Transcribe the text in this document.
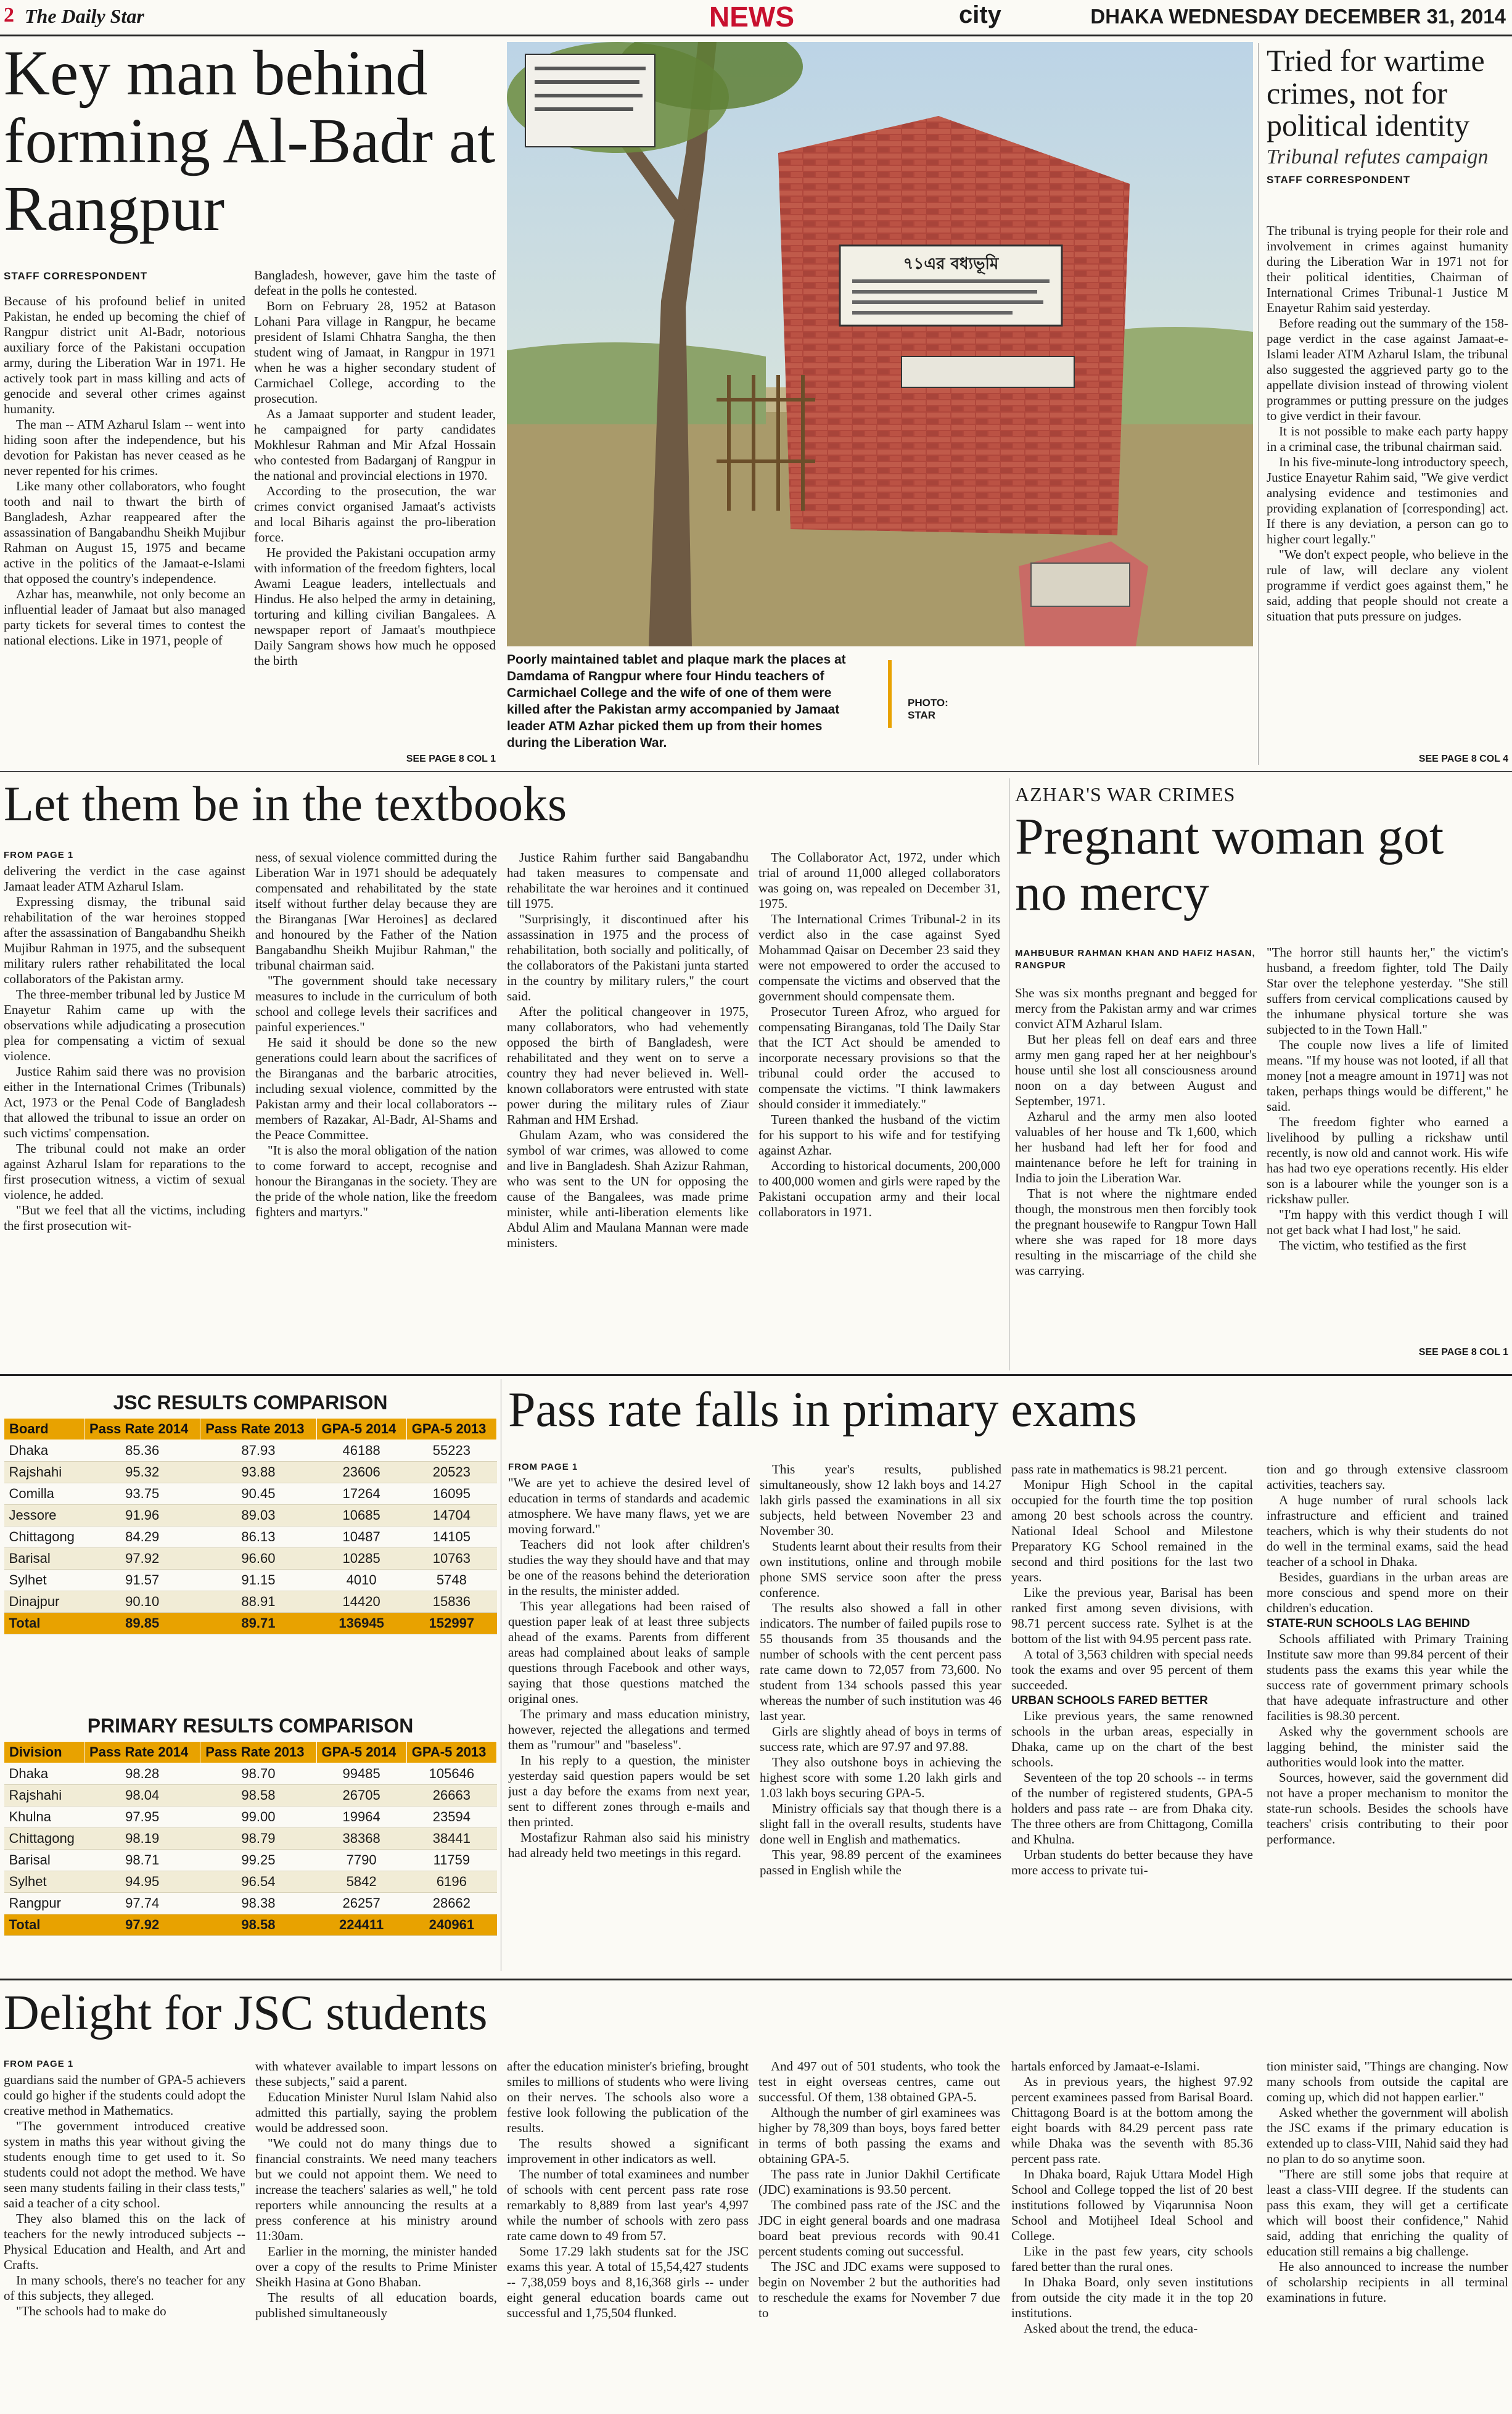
2 The Daily Star	NEWS	city	DHAKA WEDNESDAY DECEMBER 31, 2014
Key man behind forming Al-Badr at Rangpur
STAFF CORRESPONDENT

Because of his profound belief in united Pakistan, he ended up becoming the chief of Rangpur district unit Al-Badr, notorious auxiliary force of the Pakistani occupation army, during the Liberation War in 1971. He actively took part in mass killing and acts of genocide and several other crimes against humanity.

The man -- ATM Azharul Islam -- went into hiding soon after the independence, but his devotion for Pakistan has never ceased as he never repented for his crimes.

Like many other collaborators, who fought tooth and nail to thwart the birth of Bangladesh, Azhar reappeared after the assassination of Bangabandhu Sheikh Mujibur Rahman on August 15, 1975 and became active in the politics of the Jamaat-e-Islami that opposed the country's independence.

Azhar has, meanwhile, not only become an influential leader of Jamaat but also managed party tickets for several times to contest the national elections. Like in 1971, people of

Bangladesh, however, gave him the taste of defeat in the polls he contested.

Born on February 28, 1952 at Batason Lohani Para village in Rangpur, he became president of Islami Chhatra Sangha, the then student wing of Jamaat, in Rangpur in 1971 when he was a higher secondary student of Carmichael College, according to the prosecution.

As a Jamaat supporter and student leader, he campaigned for party candidates Mokhlesur Rahman and Mir Afzal Hossain who contested from Badarganj of Rangpur in the national and provincial elections in 1970.

According to the prosecution, the war crimes convict organised Jamaat's activists and local Biharis against the pro-liberation force.

He provided the Pakistani occupation army with information of the freedom fighters, local Awami League leaders, intellectuals and Hindus. He also helped the army in detaining, torturing and killing civilian Bangalees. A newspaper report of Jamaat's mouthpiece Daily Sangram shows how much he opposed the birth

SEE PAGE 8 COL 1
৭১এর বধ্যভূমি
Poorly maintained tablet and plaque mark the places at Damdama of Rangpur where four Hindu teachers of Carmichael College and the wife of one of them were killed after the Pakistan army accompanied by Jamaat leader ATM Azhar picked them up from their homes during the Liberation War.
PHOTO: STAR
Tried for wartime crimes, not for political identity
Tribunal refutes campaign
STAFF CORRESPONDENT

The tribunal is trying people for their role and involvement in crimes against humanity during the Liberation War in 1971 not for their political identities, Chairman of International Crimes Tribunal-1 Justice M Enayetur Rahim said yesterday.

Before reading out the summary of the 158-page verdict in the case against Jamaat-e-Islami leader ATM Azharul Islam, the tribunal also suggested the aggrieved party go to the appellate division instead of throwing violent programmes or putting pressure on the judges to give verdict in their favour.

It is not possible to make each party happy in a criminal case, the tribunal chairman said.

In his five-minute-long introductory speech, Justice Enayetur Rahim said, "We give verdict analysing evidence and testimonies and providing explanation of [corresponding] act. If there is any deviation, a person can go to higher court legally."

"We don't expect people, who believe in the rule of law, will declare any violent programme if verdict goes against them," he said, adding that people should not create a situation that puts pressure on judges.

SEE PAGE 8 COL 4
Let them be in the textbooks
FROM PAGE 1

delivering the verdict in the case against Jamaat leader ATM Azharul Islam.

Expressing dismay, the tribunal said rehabilitation of the war heroines stopped after the assassination of Bangabandhu Sheikh Mujibur Rahman in 1975, and the subsequent military rulers rather rehabilitated the local collaborators of the Pakistan army.

The three-member tribunal led by Justice M Enayetur Rahim came up with the observations while adjudicating a prosecution plea for compensating a victim of sexual violence.

Justice Rahim said there was no provision either in the International Crimes (Tribunals) Act, 1973 or the Penal Code of Bangladesh that allowed the tribunal to issue an order on such victims' compensation.

The tribunal could not make an order against Azharul Islam for reparations to the first prosecution witness, a victim of sexual violence, he added.

"But we feel that all the victims, including the first prosecution wit-

ness, of sexual violence committed during the Liberation War in 1971 should be adequately compensated and rehabilitated by the state itself without further delay because they are the Biranganas [War Heroines] as declared and honoured by the Father of the Nation Bangabandhu Sheikh Mujibur Rahman," the tribunal chairman said.

"The government should take necessary measures to include in the curriculum of both school and college levels their sacrifices and painful experiences."

He said it should be done so the new generations could learn about the sacrifices of the Biranganas and the barbaric atrocities, including sexual violence, committed by the Pakistan army and their local collaborators -- members of Razakar, Al-Badr, Al-Shams and the Peace Committee.

"It is also the moral obligation of the nation to come forward to accept, recognise and honour the Biranganas in the society. They are the pride of the whole nation, like the freedom fighters and martyrs."

Justice Rahim further said Bangabandhu had taken measures to compensate and rehabilitate the war heroines and it continued till 1975.

"Surprisingly, it discontinued after his assassination in 1975 and the process of rehabilitation, both socially and politically, of the collaborators of the Pakistani junta started in the country by military rulers," the court said.

After the political changeover in 1975, many collaborators, who had vehemently opposed the birth of Bangladesh, were rehabilitated and they went on to serve a country they had never believed in. Well-known collaborators were entrusted with state power during the military rules of Ziaur Rahman and HM Ershad.

Ghulam Azam, who was considered the symbol of war crimes, was allowed to come and live in Bangladesh. Shah Azizur Rahman, who was sent to the UN for opposing the cause of the Bangalees, was made prime minister, while anti-liberation elements like Abdul Alim and Maulana Mannan were made ministers.

The Collaborator Act, 1972, under which trial of around 11,000 alleged collaborators was going on, was repealed on December 31, 1975.

The International Crimes Tribunal-2 in its verdict also in the case against Syed Mohammad Qaisar on December 23 said they were not empowered to order the accused to compensate the victims and observed that the government should compensate them.

Prosecutor Tureen Afroz, who argued for compensating Biranganas, told The Daily Star that the ICT Act should be amended to incorporate necessary provisions so that the tribunal could order the accused to compensate the victims. "I think lawmakers should consider it immediately."

Tureen thanked the husband of the victim for his support to his wife and for testifying against Azhar.

According to historical documents, 200,000 to 400,000 women and girls were raped by the Pakistani occupation army and their local collaborators in 1971.

AZHAR'S WAR CRIMES
Pregnant woman got no mercy
MAHBUBUR RAHMAN KHAN AND HAFIZ HASAN, RANGPUR

She was six months pregnant and begged for mercy from the Pakistan army and war crimes convict ATM Azharul Islam.

But her pleas fell on deaf ears and three army men gang raped her at her neighbour's house until she lost all consciousness around noon on a day between August and September, 1971.

Azharul and the army men also looted valuables of her house and Tk 1,600, which her husband had left her for food and maintenance before he left for training in India to join the Liberation War.

That is not where the nightmare ended though, the monstrous men then forcibly took the pregnant housewife to Rangpur Town Hall where she was raped for 18 more days resulting in the miscarriage of the child she was carrying.

"The horror still haunts her," the victim's husband, a freedom fighter, told The Daily Star over the telephone yesterday. "She still suffers from cervical complications caused by the inhumane physical torture she was subjected to in the Town Hall."

The couple now lives a life of limited means. "If my house was not looted, if all that money [not a meagre amount in 1971] was not taken, perhaps things would be different," he said.

The freedom fighter who earned a livelihood by pulling a rickshaw until recently, is now old and cannot work. His wife has had two eye operations recently. His elder son is a labourer while the younger son is a rickshaw puller.

"I'm happy with this verdict though I will not get back what I had lost," he said.

The victim, who testified as the first

SEE PAGE 8 COL 1
JSC RESULTS COMPARISON
Board	Pass Rate 2014	Pass Rate 2013	GPA-5 2014	GPA-5 2013
Dhaka	85.36	87.93	46188	55223
Rajshahi	95.32	93.88	23606	20523
Comilla	93.75	90.45	17264	16095
Jessore	91.96	89.03	10685	14704
Chittagong	84.29	86.13	10487	14105
Barisal	97.92	96.60	10285	10763
Sylhet	91.57	91.15	4010	5748
Dinajpur	90.10	88.91	14420	15836
Total	89.85	89.71	136945	152997
PRIMARY RESULTS COMPARISON
Division	Pass Rate 2014	Pass Rate 2013	GPA-5 2014	GPA-5 2013
Dhaka	98.28	98.70	99485	105646
Rajshahi	98.04	98.58	26705	26663
Khulna	97.95	99.00	19964	23594
Chittagong	98.19	98.79	38368	38441
Barisal	98.71	99.25	7790	11759
Sylhet	94.95	96.54	5842	6196
Rangpur	97.74	98.38	26257	28662
Total	97.92	98.58	224411	240961
Pass rate falls in primary exams
FROM PAGE 1

"We are yet to achieve the desired level of education in terms of standards and academic atmosphere. We have many flaws, yet we are moving forward."

Teachers did not look after children's studies the way they should have and that may be one of the reasons behind the deterioration in the results, the minister added.

This year allegations had been raised of question paper leak of at least three subjects ahead of the exams. Parents from different areas had complained about leaks of sample questions through Facebook and other ways, saying that those questions matched the original ones.

The primary and mass education ministry, however, rejected the allegations and termed them as "rumour" and "baseless".

In his reply to a question, the minister yesterday said question papers would be set just a day before the exams from next year, sent to different zones through e-mails and then printed.

Mostafizur Rahman also said his ministry had already held two meetings in this regard.

This year's results, published simultaneously, show 12 lakh boys and 14.27 lakh girls passed the examinations in all six subjects, held between November 23 and November 30.

Students learnt about their results from their own institutions, online and through mobile phone SMS service soon after the press conference.

The results also showed a fall in other indicators. The number of failed pupils rose to 55 thousands from 35 thousands and the number of schools with the cent percent pass rate came down to 72,057 from 73,600. No student from 134 schools passed this year whereas the number of such institution was 46 last year.

Girls are slightly ahead of boys in terms of success rate, which are 97.97 and 97.88.

They also outshone boys in achieving the highest score with some 1.20 lakh girls and 1.03 lakh boys securing GPA-5.

Ministry officials say that though there is a slight fall in the overall results, students have done well in English and mathematics.

This year, 98.89 percent of the examinees passed in English while the

pass rate in mathematics is 98.21 percent.

Monipur High School in the capital occupied for the fourth time the top position among 20 best schools across the country. National Ideal School and Milestone Preparatory KG School remained in the second and third positions for the last two years.

Like the previous year, Barisal has been ranked first among seven divisions, with 98.71 percent success rate. Sylhet is at the bottom of the list with 94.95 percent pass rate.

A total of 3,563 children with special needs took the exams and over 95 percent of them succeeded.

URBAN SCHOOLS FARED BETTER

Like previous years, the same renowned schools in the urban areas, especially in Dhaka, came up on the chart of the best schools.

Seventeen of the top 20 schools -- in terms of the number of registered students, GPA-5 holders and pass rate -- are from Dhaka city. The three others are from Chittagong, Comilla and Khulna.

Urban students do better because they have more access to private tui-

tion and go through extensive classroom activities, teachers say.

A huge number of rural schools lack infrastructure and efficient and trained teachers, which is why their students do not do well in the terminal exams, said the head teacher of a school in Dhaka.

Besides, guardians in the urban areas are more conscious and spend more on their children's education.

STATE-RUN SCHOOLS LAG BEHIND

Schools affiliated with Primary Training Institute saw more than 99.84 percent of their students pass the exams this year while the success rate of government primary schools that have adequate infrastructure and other facilities is 98.30 percent.

Asked why the government schools are lagging behind, the minister said the authorities would look into the matter.

Sources, however, said the government did not have a proper mechanism to monitor the state-run schools. Besides the schools have teachers' crisis contributing to their poor performance.

Delight for JSC students
FROM PAGE 1

guardians said the number of GPA-5 achievers could go higher if the students could adopt the creative method in Mathematics.

"The government introduced creative system in maths this year without giving the students enough time to get used to it. So students could not adopt the method. We have seen many students failing in their class tests," said a teacher of a city school.

They also blamed this on the lack of teachers for the newly introduced subjects -- Physical Education and Health, and Art and Crafts.

In many schools, there's no teacher for any of this subjects, they alleged.

"The schools had to make do

with whatever available to impart lessons on these subjects," said a parent.

Education Minister Nurul Islam Nahid also admitted this partially, saying the problem would be addressed soon.

"We could not do many things due to financial constraints. We need many teachers but we could not appoint them. We need to increase the teachers' salaries as well," he told reporters while announcing the results at a press conference at his ministry around 11:30am.

Earlier in the morning, the minister handed over a copy of the results to Prime Minister Sheikh Hasina at Gono Bhaban.

The results of all education boards, published simultaneously

after the education minister's briefing, brought smiles to millions of students who were living on their nerves. The schools also wore a festive look following the publication of the results.

The results showed a significant improvement in other indicators as well.

The number of total examinees and number of schools with cent percent pass rate rose remarkably to 8,889 from last year's 4,997 while the number of schools with zero pass rate came down to 49 from 57.

Some 17.29 lakh students sat for the JSC exams this year. A total of 15,54,427 students -- 7,38,059 boys and 8,16,368 girls -- under eight general education boards came out successful and 1,75,504 flunked.

And 497 out of 501 students, who took the test in eight overseas centres, came out successful. Of them, 138 obtained GPA-5.

Although the number of girl examinees was higher by 78,309 than boys, boys fared better in terms of both passing the exams and obtaining GPA-5.

The pass rate in Junior Dakhil Certificate (JDC) examinations is 93.50 percent.

The combined pass rate of the JSC and the JDC in eight general boards and one madrasa board beat previous records with 90.41 percent students coming out successful.

The JSC and JDC exams were supposed to begin on November 2 but the authorities had to reschedule the exams for November 7 due to

hartals enforced by Jamaat-e-Islami.

As in previous years, the highest 97.92 percent examinees passed from Barisal Board. Chittagong Board is at the bottom among the eight boards with 84.29 percent pass rate while Dhaka was the seventh with 85.36 percent pass rate.

In Dhaka board, Rajuk Uttara Model High School and College topped the list of 20 best institutions followed by Viqarunnisa Noon School and Motijheel Ideal School and College.

Like in the past few years, city schools fared better than the rural ones.

In Dhaka Board, only seven institutions from outside the city made it in the top 20 institutions.

Asked about the trend, the educa-

tion minister said, "Things are changing. Now many schools from outside the capital are coming up, which did not happen earlier."

Asked whether the government will abolish the JSC exams if the primary education is extended up to class-VIII, Nahid said they had no plan to do so anytime soon.

"There are still some jobs that require at least a class-VIII degree. If the students can pass this exam, they will get a certificate which will boost their confidence," Nahid said, adding that enriching the quality of education still remains a big challenge.

He also announced to increase the number of scholarship recipients in all terminal examinations in future.
